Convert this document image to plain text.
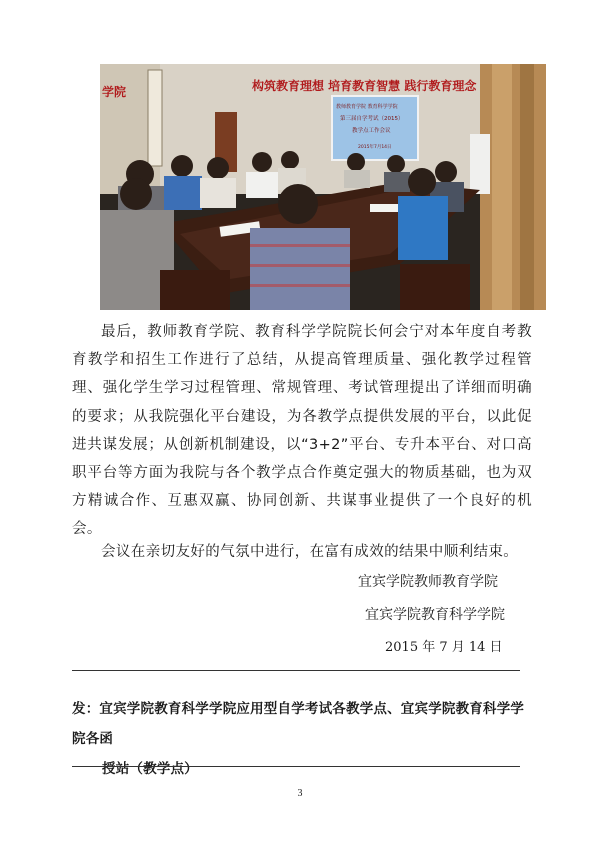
构筑教育理想 培育教育智慧 践行教育理念
学院
教师教育学院 教育科学学院
第三届自学考试（2015）
教学点工作会议
2015年7月14日

最后，教师教育学院、教育科学学院院长何会宁对本年度自考教育教学和招生工作进行了总结，从提高管理质量、强化教学过程管理、强化学生学习过程管理、常规管理、考试管理提出了详细而明确的要求；从我院强化平台建设，为各教学点提供发展的平台，以此促进共谋发展；从创新机制建设，以“3+2”平台、专升本平台、对口高职平台等方面为我院与各个教学点合作奠定强大的物质基础，也为双方精诚合作、互惠双赢、协同创新、共谋事业提供了一个良好的机会。

会议在亲切友好的气氛中进行，在富有成效的结果中顺利结束。

宜宾学院教师教育学院
宜宾学院教育科学学院
2015 年 7 月 14 日
发：宜宾学院教育科学学院应用型自学考试各教学点、宜宾学院教育科学学院各函
授站（教学点）
3
